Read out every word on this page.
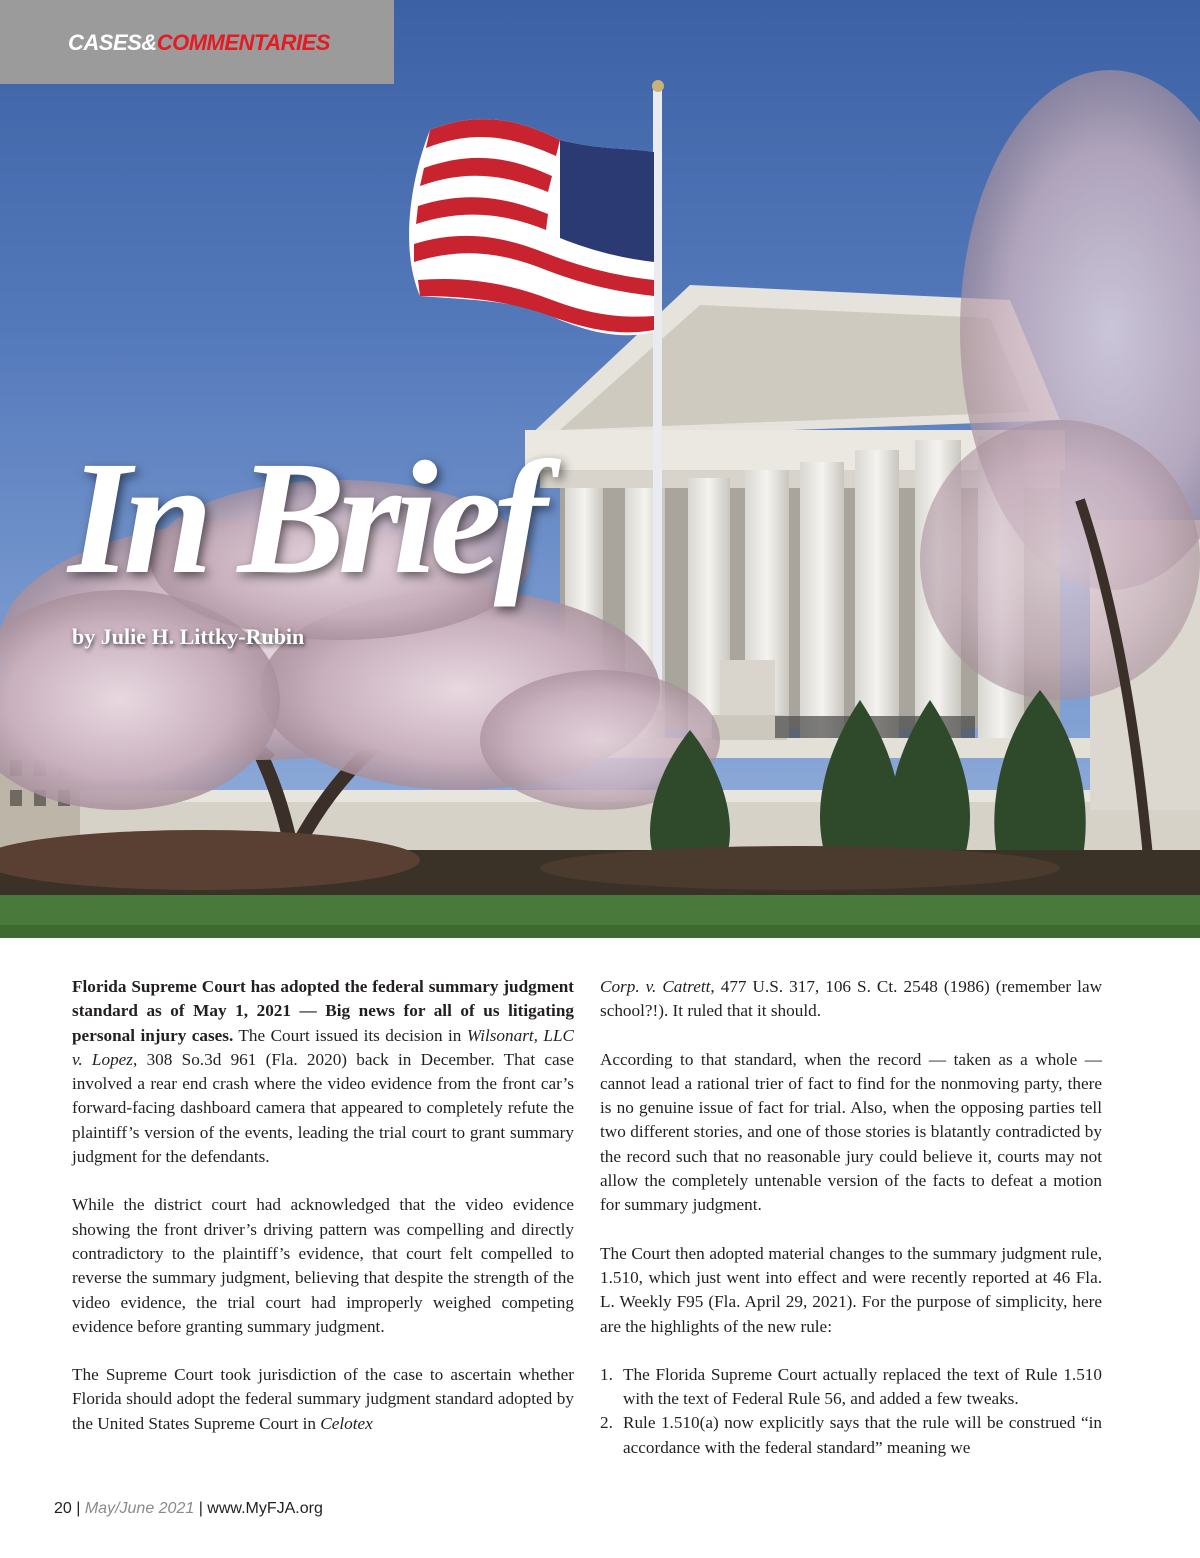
CASES&COMMENTARIES
In Brief
by Julie H. Littky-Rubin

Florida Supreme Court has adopted the federal summary judgment standard as of May 1, 2021 — Big news for all of us litigating personal injury cases. The Court issued its decision in Wilsonart, LLC v. Lopez, 308 So.3d 961 (Fla. 2020) back in December. That case involved a rear end crash where the video evidence from the front car’s forward-facing dashboard camera that appeared to completely refute the plaintiff’s version of the events, leading the trial court to grant summary judgment for the defendants.

While the district court had acknowledged that the video evidence showing the front driver’s driving pattern was compelling and directly contradictory to the plaintiff’s evidence, that court felt compelled to reverse the summary judgment, believing that despite the strength of the video evidence, the trial court had improperly weighed competing evidence before granting summary judgment.

The Supreme Court took jurisdiction of the case to ascertain whether Florida should adopt the federal summary judgment standard adopted by the United States Supreme Court in Celotex

Corp. v. Catrett, 477 U.S. 317, 106 S. Ct. 2548 (1986) (remember law school?!). It ruled that it should.

According to that standard, when the record — taken as a whole — cannot lead a rational trier of fact to find for the nonmoving party, there is no genuine issue of fact for trial. Also, when the opposing parties tell two different stories, and one of those stories is blatantly contradicted by the record such that no reasonable jury could believe it, courts may not allow the completely untenable version of the facts to defeat a motion for summary judgment.

The Court then adopted material changes to the summary judgment rule, 1.510, which just went into effect and were recently reported at 46 Fla. L. Weekly F95 (Fla. April 29, 2021). For the purpose of simplicity, here are the highlights of the new rule:

1. The Florida Supreme Court actually replaced the text of Rule 1.510 with the text of Federal Rule 56, and added a few tweaks.
2. Rule 1.510(a) now explicitly says that the rule will be construed “in accordance with the federal standard” meaning we
20 | May/June 2021 | www.MyFJA.org
